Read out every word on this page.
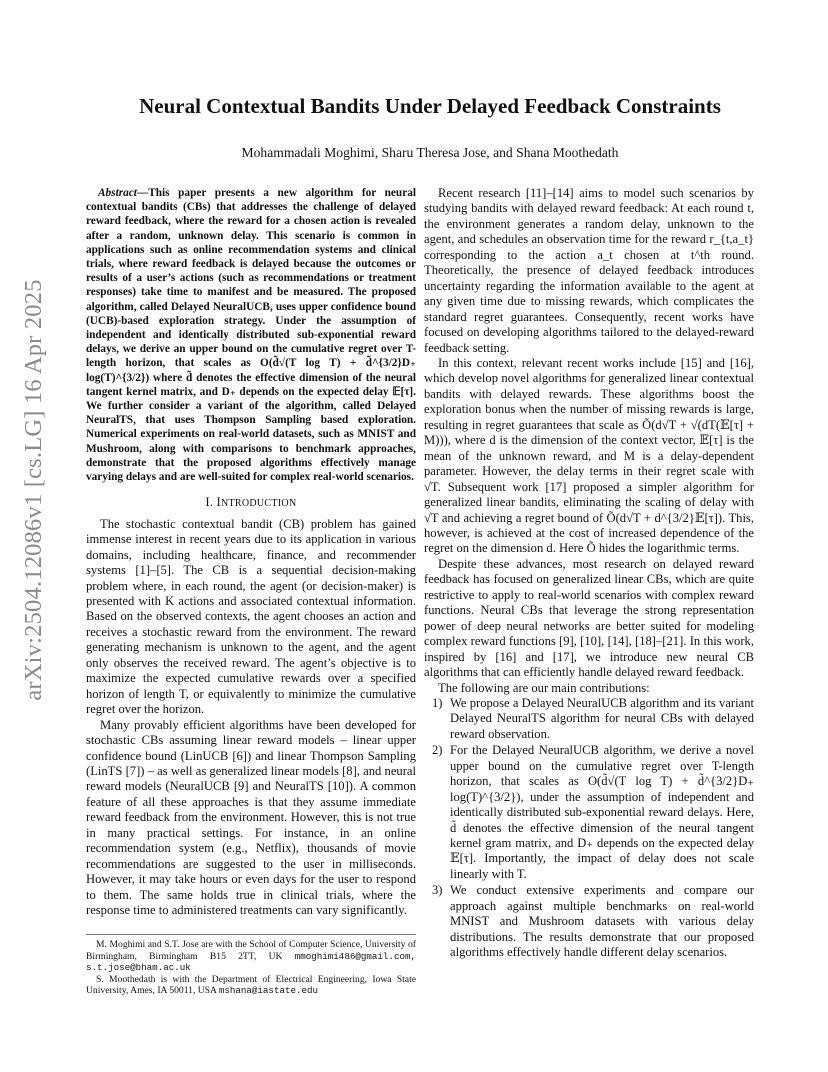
arXiv:2504.12086v1 [cs.LG] 16 Apr 2025
Neural Contextual Bandits Under Delayed Feedback Constraints
Mohammadali Moghimi, Sharu Theresa Jose, and Shana Moothedath
Abstract—This paper presents a new algorithm for neural contextual bandits (CBs) that addresses the challenge of delayed reward feedback, where the reward for a chosen action is revealed after a random, unknown delay. This scenario is common in applications such as online recommendation systems and clinical trials, where reward feedback is delayed because the outcomes or results of a user’s actions (such as recommendations or treatment responses) take time to manifest and be measured. The proposed algorithm, called Delayed NeuralUCB, uses upper confidence bound (UCB)-based exploration strategy. Under the assumption of independent and identically distributed sub-exponential reward delays, we derive an upper bound on the cumulative regret over T-length horizon, that scales as O(d̃√(T log T) + d̃^{3/2}D₊ log(T)^{3/2}) where d̃ denotes the effective dimension of the neural tangent kernel matrix, and D₊ depends on the expected delay 𝔼[τ]. We further consider a variant of the algorithm, called Delayed NeuralTS, that uses Thompson Sampling based exploration. Numerical experiments on real-world datasets, such as MNIST and Mushroom, along with comparisons to benchmark approaches, demonstrate that the proposed algorithms effectively manage varying delays and are well-suited for complex real-world scenarios.
I. INTRODUCTION

The stochastic contextual bandit (CB) problem has gained immense interest in recent years due to its application in various domains, including healthcare, finance, and recommender systems [1]–[5]. The CB is a sequential decision-making problem where, in each round, the agent (or decision-maker) is presented with K actions and associated contextual information. Based on the observed contexts, the agent chooses an action and receives a stochastic reward from the environment. The reward generating mechanism is unknown to the agent, and the agent only observes the received reward. The agent’s objective is to maximize the expected cumulative rewards over a specified horizon of length T, or equivalently to minimize the cumulative regret over the horizon.

Many provably efficient algorithms have been developed for stochastic CBs assuming linear reward models – linear upper confidence bound (LinUCB [6]) and linear Thompson Sampling (LinTS [7]) – as well as generalized linear models [8], and neural reward models (NeuralUCB [9] and NeuralTS [10]). A common feature of all these approaches is that they assume immediate reward feedback from the environment. However, this is not true in many practical settings. For instance, in an online recommendation system (e.g., Netflix), thousands of movie recommendations are suggested to the user in milliseconds. However, it may take hours or even days for the user to respond to them. The same holds true in clinical trials, where the response time to administered treatments can vary significantly.

M. Moghimi and S.T. Jose are with the School of Computer Science, University of Birmingham, Birmingham B15 2TT, UK mmoghimi486@gmail.com, s.t.jose@bham.ac.uk

S. Moothedath is with the Department of Electrical Engineering, Iowa State University, Ames, IA 50011, USA mshana@iastate.edu

Recent research [11]–[14] aims to model such scenarios by studying bandits with delayed reward feedback: At each round t, the environment generates a random delay, unknown to the agent, and schedules an observation time for the reward r_{t,a_t} corresponding to the action a_t chosen at t^th round. Theoretically, the presence of delayed feedback introduces uncertainty regarding the information available to the agent at any given time due to missing rewards, which complicates the standard regret guarantees. Consequently, recent works have focused on developing algorithms tailored to the delayed-reward feedback setting.

In this context, relevant recent works include [15] and [16], which develop novel algorithms for generalized linear contextual bandits with delayed rewards. These algorithms boost the exploration bonus when the number of missing rewards is large, resulting in regret guarantees that scale as Õ(d√T + √(dT(𝔼[τ] + M))), where d is the dimension of the context vector, 𝔼[τ] is the mean of the unknown reward, and M is a delay-dependent parameter. However, the delay terms in their regret scale with √T. Subsequent work [17] proposed a simpler algorithm for generalized linear bandits, eliminating the scaling of delay with √T and achieving a regret bound of Õ(d√T + d^{3/2}𝔼[τ]). This, however, is achieved at the cost of increased dependence of the regret on the dimension d. Here Õ hides the logarithmic terms.

Despite these advances, most research on delayed reward feedback has focused on generalized linear CBs, which are quite restrictive to apply to real-world scenarios with complex reward functions. Neural CBs that leverage the strong representation power of deep neural networks are better suited for modeling complex reward functions [9], [10], [14], [18]–[21]. In this work, inspired by [16] and [17], we introduce new neural CB algorithms that can efficiently handle delayed reward feedback.

The following are our main contributions:

1) We propose a Delayed NeuralUCB algorithm and its variant Delayed NeuralTS algorithm for neural CBs with delayed reward observation.
2) For the Delayed NeuralUCB algorithm, we derive a novel upper bound on the cumulative regret over T-length horizon, that scales as O(d̃√(T log T) + d̃^{3/2}D₊ log(T)^{3/2}), under the assumption of independent and identically distributed sub-exponential reward delays. Here, d̃ denotes the effective dimension of the neural tangent kernel gram matrix, and D₊ depends on the expected delay 𝔼[τ]. Importantly, the impact of delay does not scale linearly with T.
3) We conduct extensive experiments and compare our approach against multiple benchmarks on real-world MNIST and Mushroom datasets with various delay distributions. The results demonstrate that our proposed algorithms effectively handle different delay scenarios.
